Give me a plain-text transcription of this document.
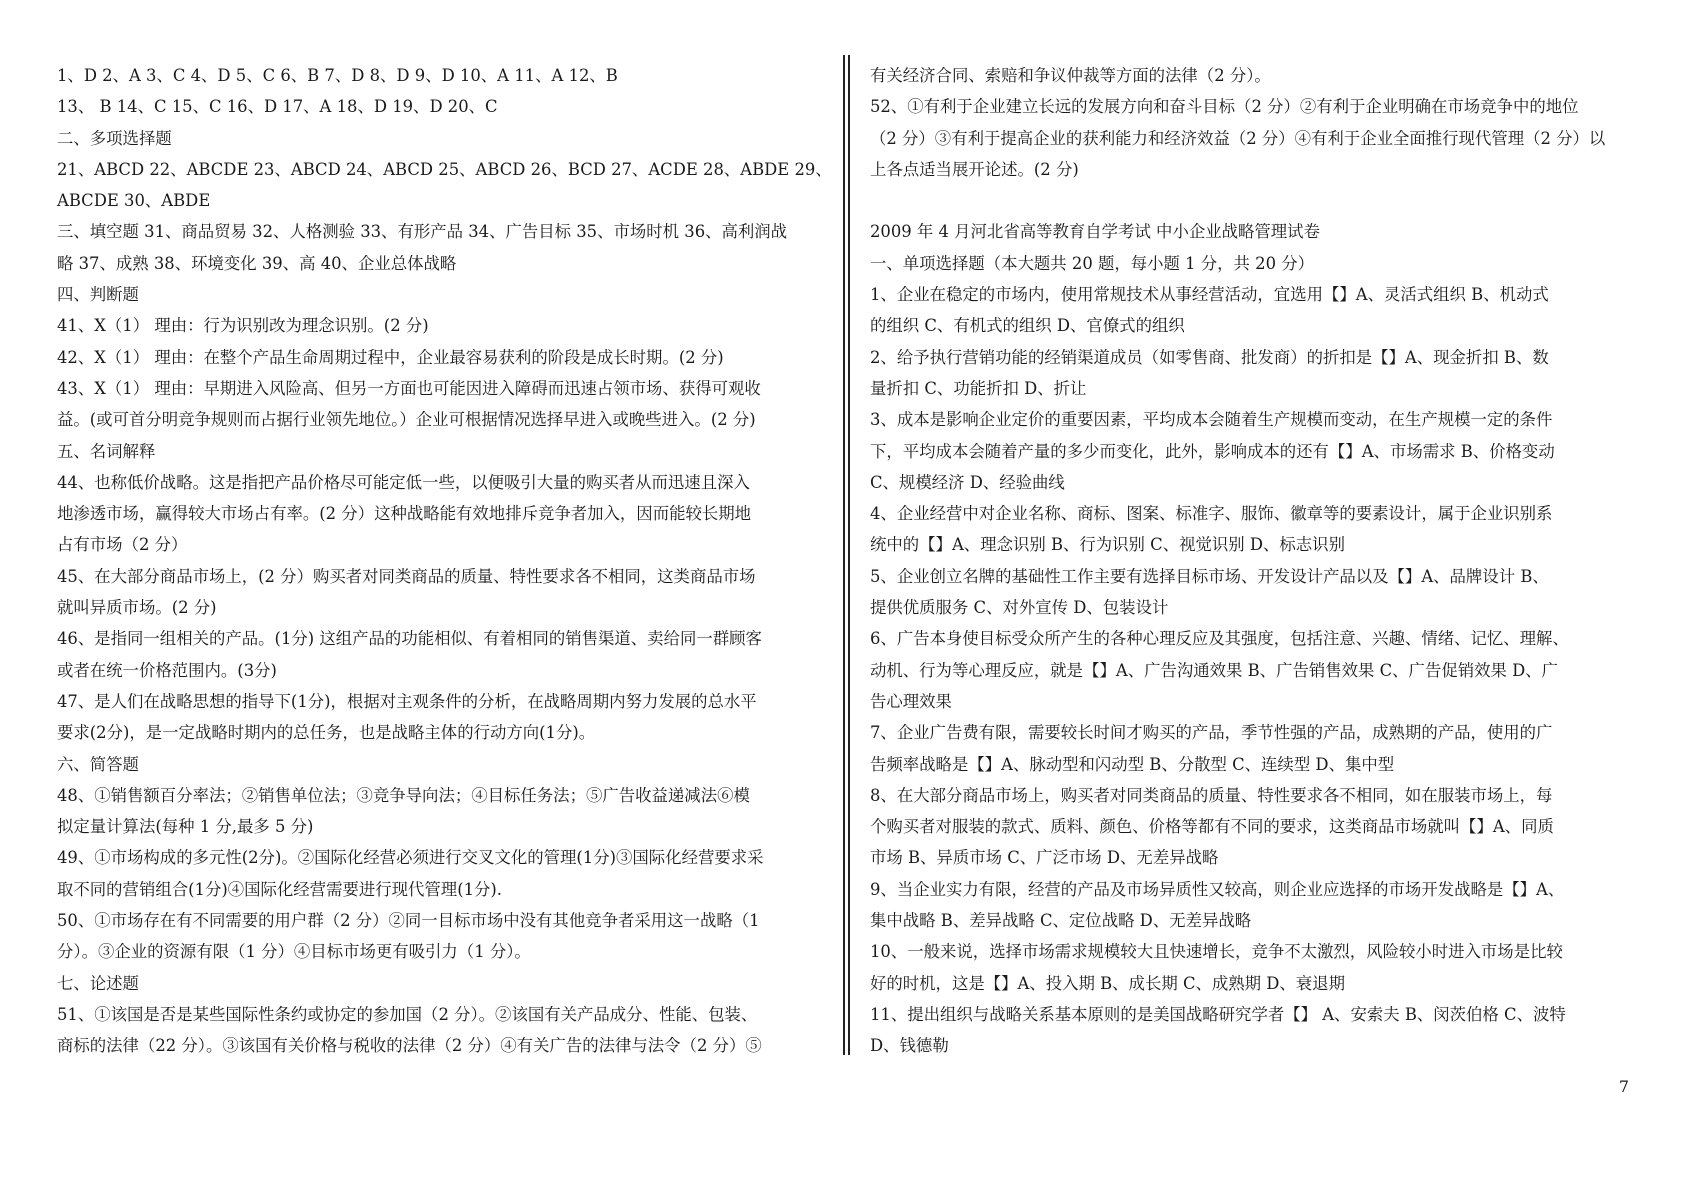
1、D 2、A 3、C 4、D 5、C 6、B 7、D 8、D 9、D 10、A 11、A 12、B
13、 B 14、C 15、C 16、D 17、A 18、D 19、D 20、C
二、多项选择题
21、ABCD 22、ABCDE 23、ABCD 24、ABCD 25、ABCD 26、BCD 27、ACDE 28、ABDE 29、
ABCDE 30、ABDE
三、填空题 31、商品贸易 32、人格测验 33、有形产品 34、广告目标 35、市场时机 36、高利润战
略 37、成熟 38、环境变化 39、高 40、企业总体战略
四、判断题
41、X（1） 理由：行为识别改为理念识别。(2 分)
42、X（1） 理由：在整个产品生命周期过程中，企业最容易获利的阶段是成长时期。(2 分)
43、X（1） 理由：早期进入风险高、但另一方面也可能因进入障碍而迅速占领市场、获得可观收
益。(或可首分明竞争规则而占据行业领先地位。）企业可根据情况选择早进入或晚些进入。(2 分)
五、名词解释
44、也称低价战略。这是指把产品价格尽可能定低一些，以便吸引大量的购买者从而迅速且深入
地渗透市场，赢得较大市场占有率。(2 分）这种战略能有效地排斥竞争者加入，因而能较长期地
占有市场（2 分）
45、在大部分商品市场上，(2 分）购买者对同类商品的质量、特性要求各不相同，这类商品市场
就叫异质市场。(2 分)
46、是指同一组相关的产品。(1分) 这组产品的功能相似、有着相同的销售渠道、卖给同一群顾客
或者在统一价格范围内。(3分)
47、是人们在战略思想的指导下(1分)，根据对主观条件的分析，在战略周期内努力发展的总水平
要求(2分)，是一定战略时期内的总任务，也是战略主体的行动方向(1分)。
六、简答题
48、①销售额百分率法；②销售单位法；③竞争导向法；④目标任务法；⑤广告收益递减法⑥模
拟定量计算法(每种 1 分,最多 5 分)
49、①市场构成的多元性(2分)。②国际化经营必须进行交叉文化的管理(1分)③国际化经营要求采
取不同的营销组合(1分)④国际化经营需要进行现代管理(1分).
50、①市场存在有不同需要的用户群（2 分）②同一目标市场中没有其他竞争者采用这一战略（1
分）。③企业的资源有限（1 分）④目标市场更有吸引力（1 分）。
七、论述题
51、①该国是否是某些国际性条约或协定的参加国（2 分）。②该国有关产品成分、性能、包装、
商标的法律（22 分）。③该国有关价格与税收的法律（2 分）④有关广告的法律与法令（2 分）⑤
有关经济合同、索赔和争议仲裁等方面的法律（2 分）。
52、①有利于企业建立长远的发展方向和奋斗目标（2 分）②有利于企业明确在市场竞争中的地位
（2 分）③有利于提高企业的获利能力和经济效益（2 分）④有利于企业全面推行现代管理（2 分）以
上各点适当展开论述。(2 分)
2009 年 4 月河北省高等教育自学考试 中小企业战略管理试卷
一、单项选择题（本大题共 20 题，每小题 1 分，共 20 分）
1、企业在稳定的市场内，使用常规技术从事经营活动，宜选用【】A、灵活式组织 B、机动式
的组织 C、有机式的组织 D、官僚式的组织
2、给予执行营销功能的经销渠道成员（如零售商、批发商）的折扣是【】A、现金折扣 B、数
量折扣 C、功能折扣 D、折让
3、成本是影响企业定价的重要因素，平均成本会随着生产规模而变动，在生产规模一定的条件
下，平均成本会随着产量的多少而变化，此外，影响成本的还有【】A、市场需求 B、价格变动
C、规模经济 D、经验曲线
4、企业经营中对企业名称、商标、图案、标准字、服饰、徽章等的要素设计，属于企业识别系
统中的【】A、理念识别 B、行为识别 C、视觉识别 D、标志识别
5、企业创立名牌的基础性工作主要有选择目标市场、开发设计产品以及【】A、品牌设计 B、
提供优质服务 C、对外宣传 D、包装设计
6、广告本身使目标受众所产生的各种心理反应及其强度，包括注意、兴趣、情绪、记忆、理解、
动机、行为等心理反应，就是【】A、广告沟通效果 B、广告销售效果 C、广告促销效果 D、广
告心理效果
7、企业广告费有限，需要较长时间才购买的产品，季节性强的产品，成熟期的产品，使用的广
告频率战略是【】A、脉动型和闪动型 B、分散型 C、连续型 D、集中型
8、在大部分商品市场上，购买者对同类商品的质量、特性要求各不相同，如在服装市场上，每
个购买者对服装的款式、质料、颜色、价格等都有不同的要求，这类商品市场就叫【】A、同质
市场 B、异质市场 C、广泛市场 D、无差异战略
9、当企业实力有限，经营的产品及市场异质性又较高，则企业应选择的市场开发战略是【】A、
集中战略 B、差异战略 C、定位战略 D、无差异战略
10、一般来说，选择市场需求规模较大且快速增长，竞争不太激烈，风险较小时进入市场是比较
好的时机，这是【】A、投入期 B、成长期 C、成熟期 D、衰退期
11、提出组织与战略关系基本原则的是美国战略研究学者【】 A、安索夫 B、闵茨伯格 C、波特
D、钱德勒
7
